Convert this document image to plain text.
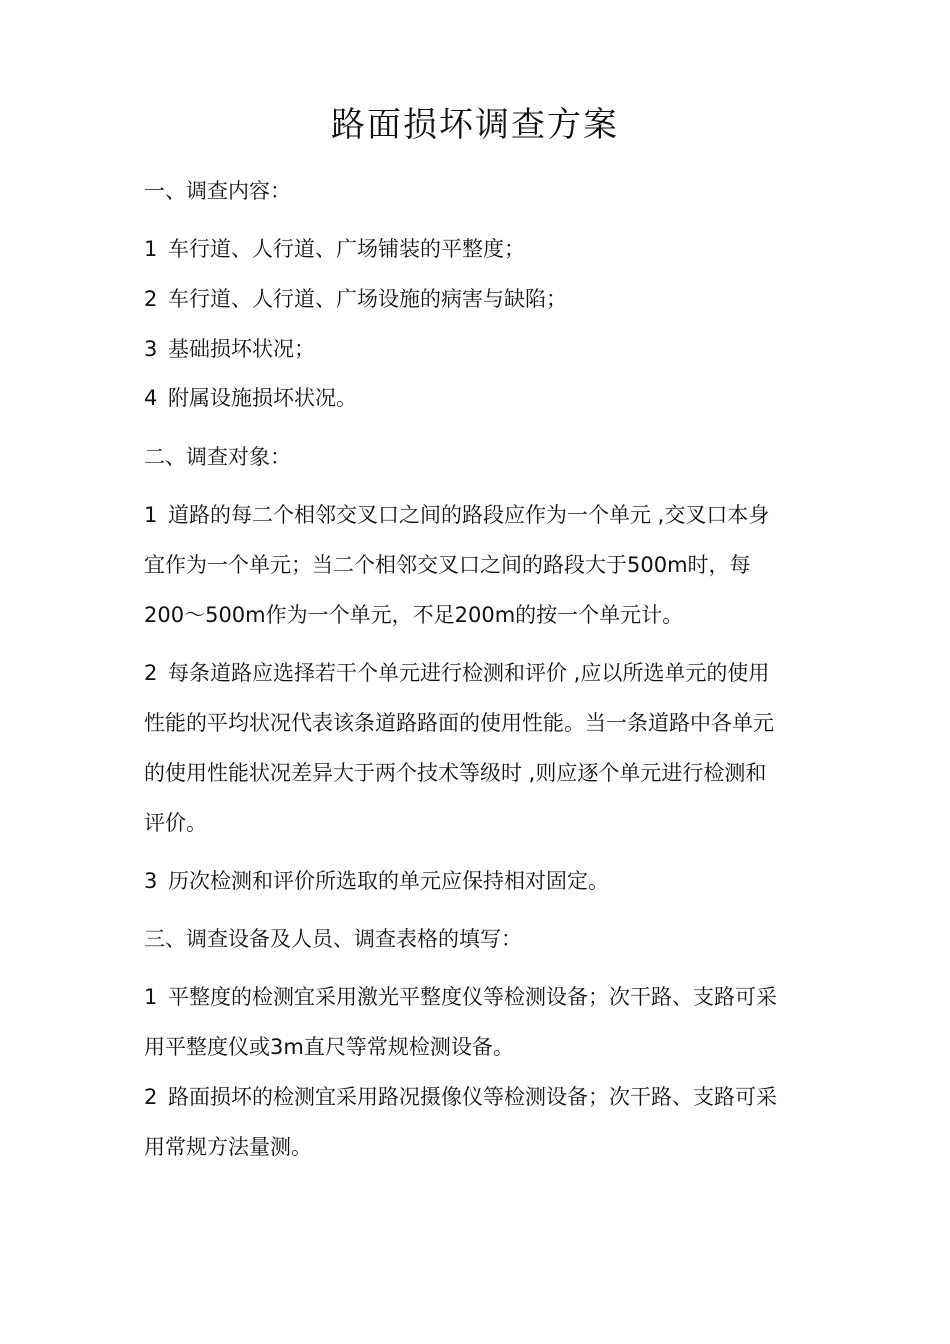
路面损坏调查方案
一、调查内容：
1 车行道、人行道、广场铺装的平整度；
2 车行道、人行道、广场设施的病害与缺陷；
3 基础损坏状况；
4 附属设施损坏状况。
二、调查对象：
1 道路的每二个相邻交叉口之间的路段应作为一个单元 ,交叉口本身
宜作为一个单元；当二个相邻交叉口之间的路段大于500m时，每
200～500m作为一个单元，不足200m的按一个单元计。
2 每条道路应选择若干个单元进行检测和评价 ,应以所选单元的使用
性能的平均状况代表该条道路路面的使用性能。当一条道路中各单元
的使用性能状况差异大于两个技术等级时 ,则应逐个单元进行检测和
评价。
3 历次检测和评价所选取的单元应保持相对固定。
三、调查设备及人员、调查表格的填写：
1 平整度的检测宜采用激光平整度仪等检测设备；次干路、支路可采
用平整度仪或3m直尺等常规检测设备。
2 路面损坏的检测宜采用路况摄像仪等检测设备；次干路、支路可采
用常规方法量测。
